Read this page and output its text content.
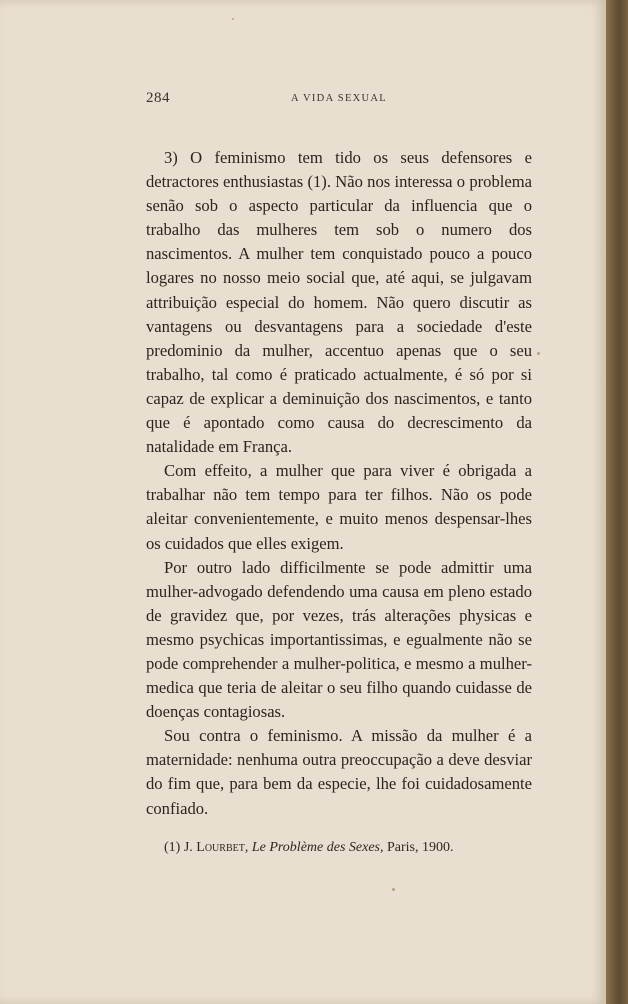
284	A VIDA SEXUAL

3) O feminismo tem tido os seus defensores e detractores enthusiastas (1). Não nos interessa o problema senão sob o aspecto particular da influencia que o trabalho das mulheres tem sob o numero dos nascimentos. A mulher tem conquistado pouco a pouco logares no nosso meio social que, até aqui, se julgavam attribuição especial do homem. Não quero discutir as vantagens ou desvantagens para a sociedade d'este predominio da mulher, accentuo apenas que o seu trabalho, tal como é praticado actualmente, é só por si capaz de explicar a deminuição dos nascimentos, e tanto que é apontado como causa do decrescimento da natalidade em França.

Com effeito, a mulher que para viver é obrigada a trabalhar não tem tempo para ter filhos. Não os pode aleitar convenientemente, e muito menos despensar-lhes os cuidados que elles exigem.

Por outro lado difficilmente se pode admittir uma mulher-advogado defendendo uma causa em pleno estado de gravidez que, por vezes, trás alterações physicas e mesmo psychicas importantissimas, e egualmente não se pode comprehender a mulher-politica, e mesmo a mulher-medica que teria de aleitar o seu filho quando cuidasse de doenças contagiosas.

Sou contra o feminismo. A missão da mulher é a maternidade: nenhuma outra preoccupação a deve desviar do fim que, para bem da especie, lhe foi cuidadosamente confiado.

(1) J. Lourbet, Le Problème des Sexes, Paris, 1900.
